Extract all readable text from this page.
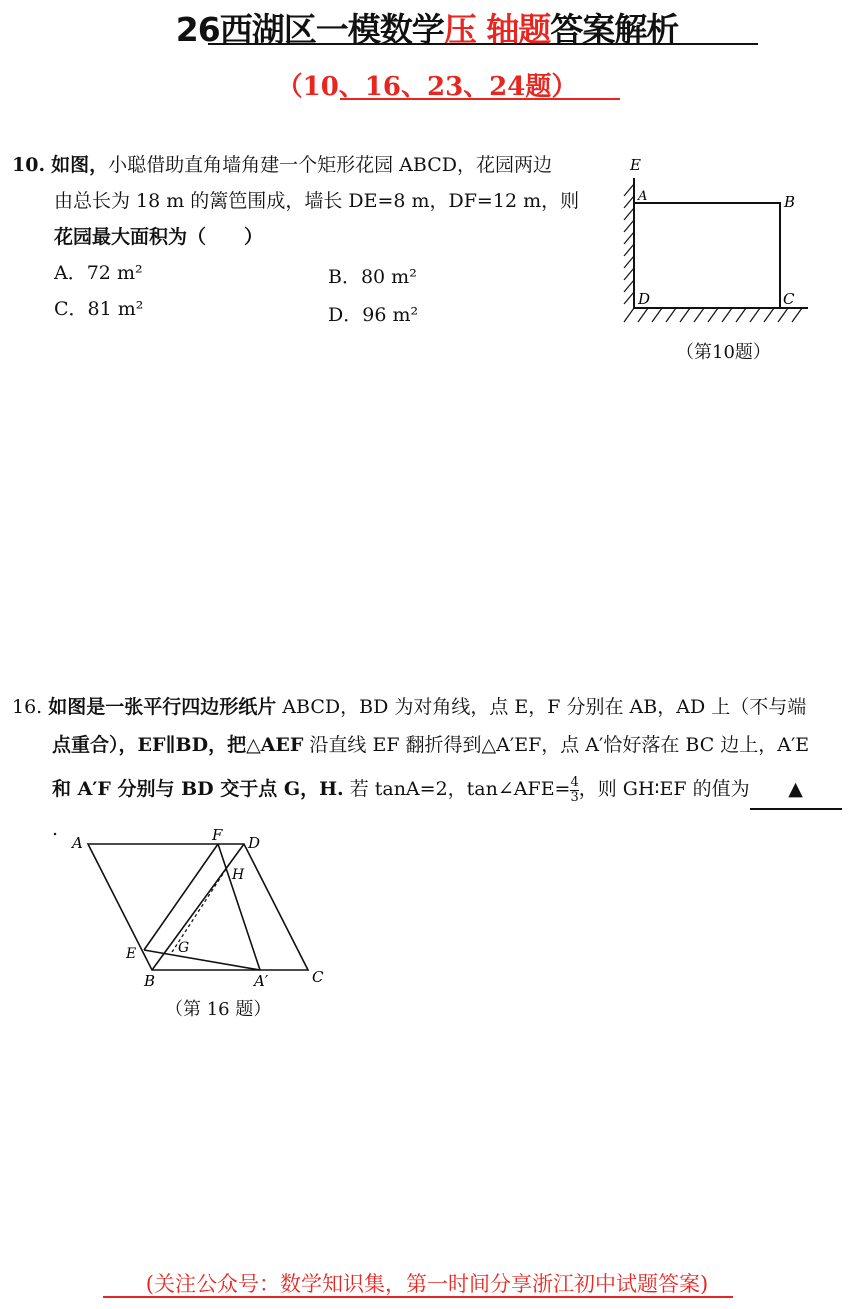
26西湖区一模数学压 轴题答案解析
（10、16、23、24题）
10. 如图，小聪借助直角墙角建一个矩形花园 ABCD，花园两边
由总长为 18 m 的篱笆围成，墙长 DE=8 m，DF=12 m，则
花园最大面积为（　　）
A．72 m²	B．80 m²
C．81 m²	D．96 m²
E
A	B
D	C
（第10题）
16. 如图是一张平行四边形纸片 ABCD，BD 为对角线，点 E，F 分别在 AB，AD 上（不与端
点重合），EF∥BD，把△AEF 沿直线 EF 翻折得到△A′EF，点 A′恰好落在 BC 边上，A′E
和 A′F 分别与 BD 交于点 G，H. 若 tanA=2，tan∠AFE= $\frac{4}{3}$ ，则 GH∶EF 的值为 ▲.
A	F D
H
E	G
B	A′	C
（第 16 题）
(关注公众号：数学知识集，第一时间分享浙江初中试题答案)
